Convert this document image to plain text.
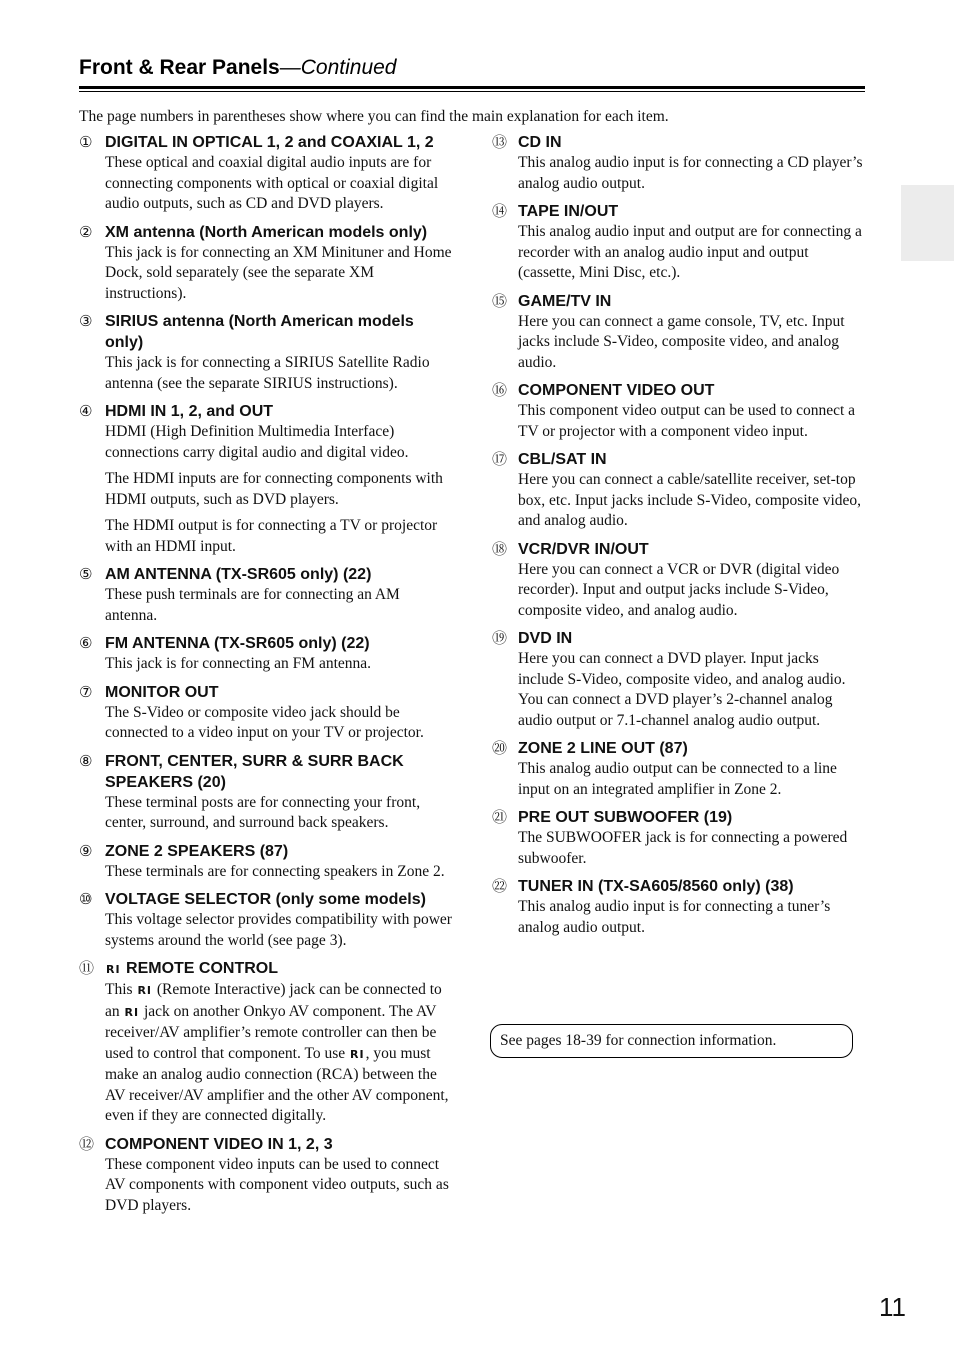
Front & Rear Panels—Continued
The page numbers in parentheses show where you can find the main explanation for each item.
① DIGITAL IN OPTICAL 1, 2 and COAXIAL 1, 2

These optical and coaxial digital audio inputs are for connecting components with optical or coaxial digital audio outputs, such as CD and DVD players.

② XM antenna (North American models only)

This jack is for connecting an XM Minituner and Home Dock, sold separately (see the separate XM instructions).

③ SIRIUS antenna (North American models only)

This jack is for connecting a SIRIUS Satellite Radio antenna (see the separate SIRIUS instructions).

④ HDMI IN 1, 2, and OUT

HDMI (High Definition Multimedia Interface) connections carry digital audio and digital video.

The HDMI inputs are for connecting components with HDMI outputs, such as DVD players.

The HDMI output is for connecting a TV or projector with an HDMI input.

⑤ AM ANTENNA (TX-SR605 only) (22)

These push terminals are for connecting an AM antenna.

⑥ FM ANTENNA (TX-SR605 only) (22)

This jack is for connecting an FM antenna.

⑦ MONITOR OUT

The S-Video or composite video jack should be connected to a video input on your TV or projector.

⑧ FRONT, CENTER, SURR & SURR BACK SPEAKERS (20)

These terminal posts are for connecting your front, center, surround, and surround back speakers.

⑨ ZONE 2 SPEAKERS (87)

These terminals are for connecting speakers in Zone 2.

⑩ VOLTAGE SELECTOR (only some models)

This voltage selector provides compatibility with power systems around the world (see page 3).

⑪ RI REMOTE CONTROL

This RI (Remote Interactive) jack can be connected to an RI jack on another Onkyo AV component. The AV receiver/AV amplifier’s remote controller can then be used to control that component. To use RI, you must make an analog audio connection (RCA) between the AV receiver/AV amplifier and the other AV component, even if they are connected digitally.

⑫ COMPONENT VIDEO IN 1, 2, 3

These component video inputs can be used to connect AV components with component video outputs, such as DVD players.

⑬ CD IN

This analog audio input is for connecting a CD player’s analog audio output.

⑭ TAPE IN/OUT

This analog audio input and output are for connecting a recorder with an analog audio input and output (cassette, Mini Disc, etc.).

⑮ GAME/TV IN

Here you can connect a game console, TV, etc. Input jacks include S-Video, composite video, and analog audio.

⑯ COMPONENT VIDEO OUT

This component video output can be used to connect a TV or projector with a component video input.

⑰ CBL/SAT IN

Here you can connect a cable/satellite receiver, set-top box, etc. Input jacks include S-Video, composite video, and analog audio.

⑱ VCR/DVR IN/OUT

Here you can connect a VCR or DVR (digital video recorder). Input and output jacks include S-Video, composite video, and analog audio.

⑲ DVD IN

Here you can connect a DVD player. Input jacks include S-Video, composite video, and analog audio. You can connect a DVD player’s 2-channel analog audio output or 7.1-channel analog audio output.

⑳ ZONE 2 LINE OUT (87)

This analog audio output can be connected to a line input on an integrated amplifier in Zone 2.

㉑ PRE OUT SUBWOOFER (19)

The SUBWOOFER jack is for connecting a powered subwoofer.

㉒ TUNER IN (TX-SA605/8560 only) (38)

This analog audio input is for connecting a tuner’s analog audio output.

See pages 18-39 for connection information.
11
